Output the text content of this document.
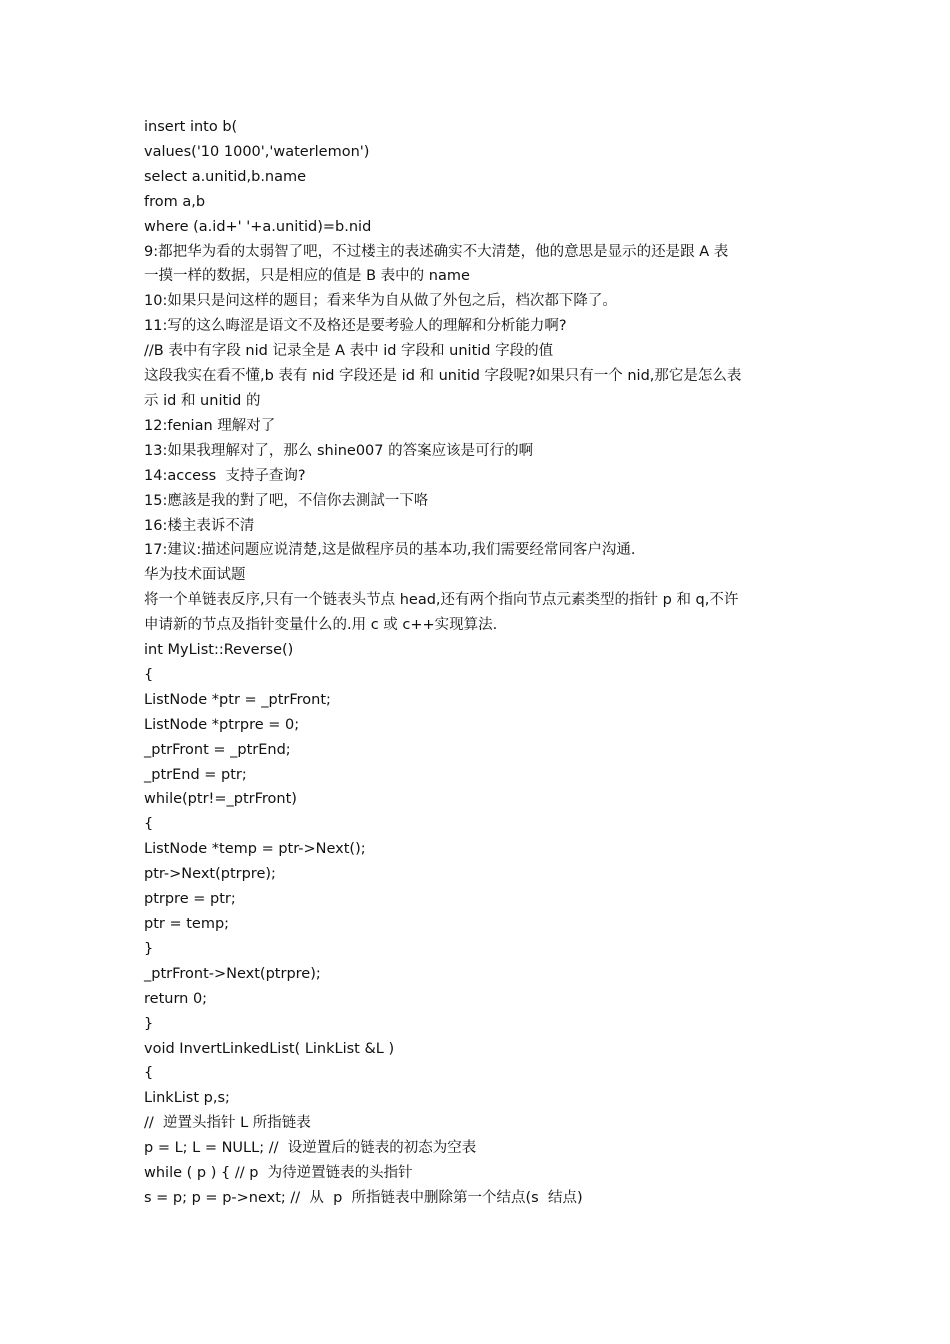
insert into b(

values('10 1000','waterlemon')

select a.unitid,b.name

from a,b

where (a.id+' '+a.unitid)=b.nid

9:都把华为看的太弱智了吧，不过楼主的表述确实不大清楚，他的意思是显示的还是跟 A 表

一摸一样的数据，只是相应的值是 B 表中的 name

10:如果只是问这样的题目；看来华为自从做了外包之后，档次都下降了。

11:写的这么晦涩是语文不及格还是要考验人的理解和分析能力啊?

//B 表中有字段 nid 记录全是 A 表中 id 字段和 unitid 字段的值

这段我实在看不懂,b 表有 nid 字段还是 id 和 unitid 字段呢?如果只有一个 nid,那它是怎么表

示 id 和 unitid 的

12:fenian 理解对了

13:如果我理解对了，那么 shine007 的答案应该是可行的啊

14:access  支持子查询?

15:應該是我的對了吧，不信你去測試一下咯

16:楼主表诉不清

17:建议:描述问题应说清楚,这是做程序员的基本功,我们需要经常同客户沟通.

华为技术面试题

将一个单链表反序,只有一个链表头节点 head,还有两个指向节点元素类型的指针 p 和 q,不许

申请新的节点及指针变量什么的.用 c 或 c++实现算法.

int MyList::Reverse()

{

ListNode *ptr = _ptrFront;

ListNode *ptrpre = 0;

_ptrFront = _ptrEnd;

_ptrEnd = ptr;

while(ptr!=_ptrFront)

{

ListNode *temp = ptr->Next();

ptr->Next(ptrpre);

ptrpre = ptr;

ptr = temp;

}

_ptrFront->Next(ptrpre);

return 0;

}

void InvertLinkedList( LinkList &L )

{

LinkList p,s;

//  逆置头指针 L 所指链表

p = L; L = NULL; //  设逆置后的链表的初态为空表

while ( p ) { // p  为待逆置链表的头指针

s = p; p = p->next; //  从  p  所指链表中删除第一个结点(s  结点)
